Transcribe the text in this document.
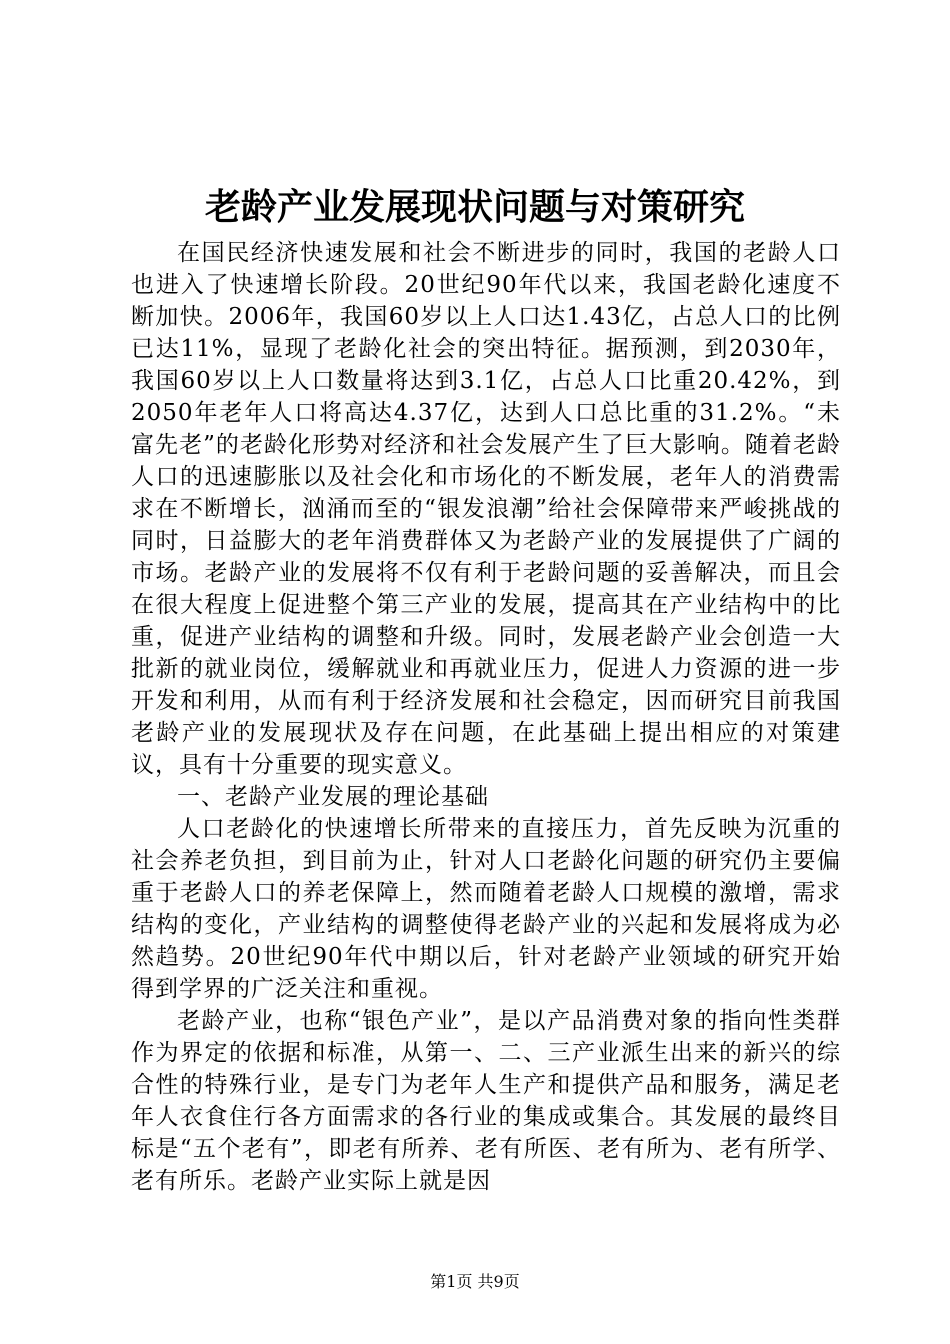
老龄产业发展现状问题与对策研究

在国民经济快速发展和社会不断进步的同时，我国的老龄人口也进入了快速增长阶段。20世纪90年代以来，我国老龄化速度不断加快。2006年，我国60岁以上人口达1.43亿，占总人口的比例已达11%，显现了老龄化社会的突出特征。据预测，到2030年，我国60岁以上人口数量将达到3.1亿，占总人口比重20.42%，到2050年老年人口将高达4.37亿，达到人口总比重的31.2%。“未富先老”的老龄化形势对经济和社会发展产生了巨大影响。随着老龄人口的迅速膨胀以及社会化和市场化的不断发展，老年人的消费需求在不断增长，汹涌而至的“银发浪潮”给社会保障带来严峻挑战的同时，日益膨大的老年消费群体又为老龄产业的发展提供了广阔的市场。老龄产业的发展将不仅有利于老龄问题的妥善解决，而且会在很大程度上促进整个第三产业的发展，提高其在产业结构中的比重，促进产业结构的调整和升级。同时，发展老龄产业会创造一大批新的就业岗位，缓解就业和再就业压力，促进人力资源的进一步开发和利用，从而有利于经济发展和社会稳定，因而研究目前我国老龄产业的发展现状及存在问题，在此基础上提出相应的对策建议，具有十分重要的现实意义。

一、老龄产业发展的理论基础

人口老龄化的快速增长所带来的直接压力，首先反映为沉重的社会养老负担，到目前为止，针对人口老龄化问题的研究仍主要偏重于老龄人口的养老保障上，然而随着老龄人口规模的激增，需求结构的变化，产业结构的调整使得老龄产业的兴起和发展将成为必然趋势。20世纪90年代中期以后，针对老龄产业领域的研究开始得到学界的广泛关注和重视。

老龄产业，也称“银色产业”，是以产品消费对象的指向性类群作为界定的依据和标准，从第一、二、三产业派生出来的新兴的综合性的特殊行业，是专门为老年人生产和提供产品和服务，满足老年人衣食住行各方面需求的各行业的集成或集合。其发展的最终目标是“五个老有”，即老有所养、老有所医、老有所为、老有所学、老有所乐。老龄产业实际上就是因

第1页 共9页
